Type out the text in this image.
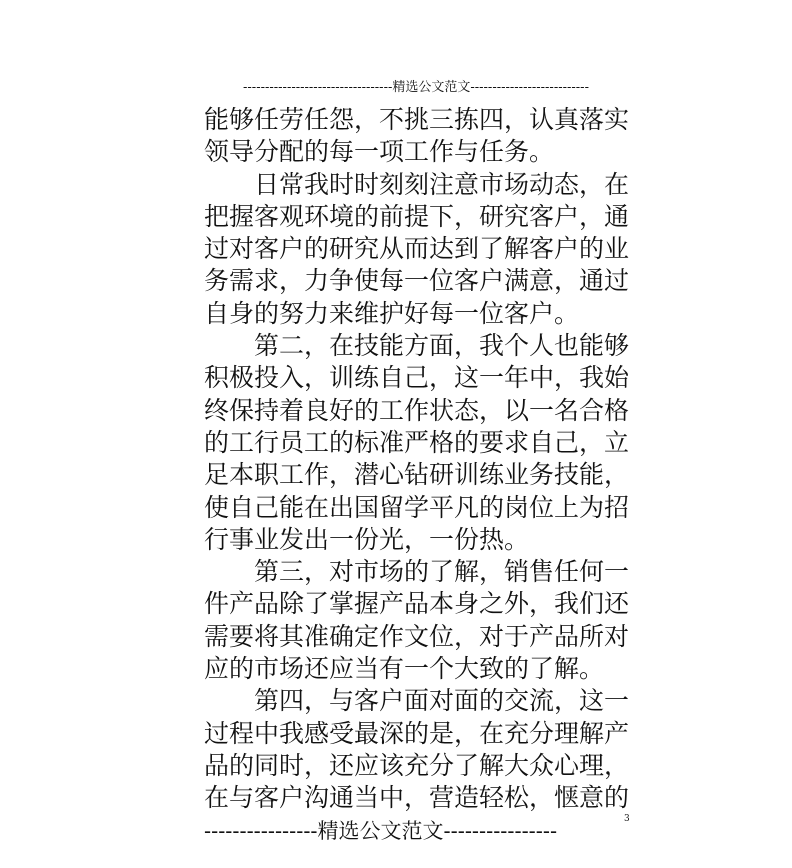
----------------------------------精选公文范文---------------------------
能够任劳任怨，不挑三拣四，认真落实
领导分配的每一项工作与任务。
　　日常我时时刻刻注意市场动态，在
把握客观环境的前提下，研究客户，通
过对客户的研究从而达到了解客户的业
务需求，力争使每一位客户满意，通过
自身的努力来维护好每一位客户。
　　第二，在技能方面，我个人也能够
积极投入，训练自己，这一年中，我始
终保持着良好的工作状态，以一名合格
的工行员工的标准严格的要求自己，立
足本职工作，潜心钻研训练业务技能，
使自己能在出国留学平凡的岗位上为招
行事业发出一份光，一份热。
　　第三，对市场的了解，销售任何一
件产品除了掌握产品本身之外，我们还
需要将其准确定作文位，对于产品所对
应的市场还应当有一个大致的了解。
　　第四，与客户面对面的交流，这一
过程中我感受最深的是，在充分理解产
品的同时，还应该充分了解大众心理，
在与客户沟通当中，营造轻松，惬意的
----------------精选公文范文----------------	3
